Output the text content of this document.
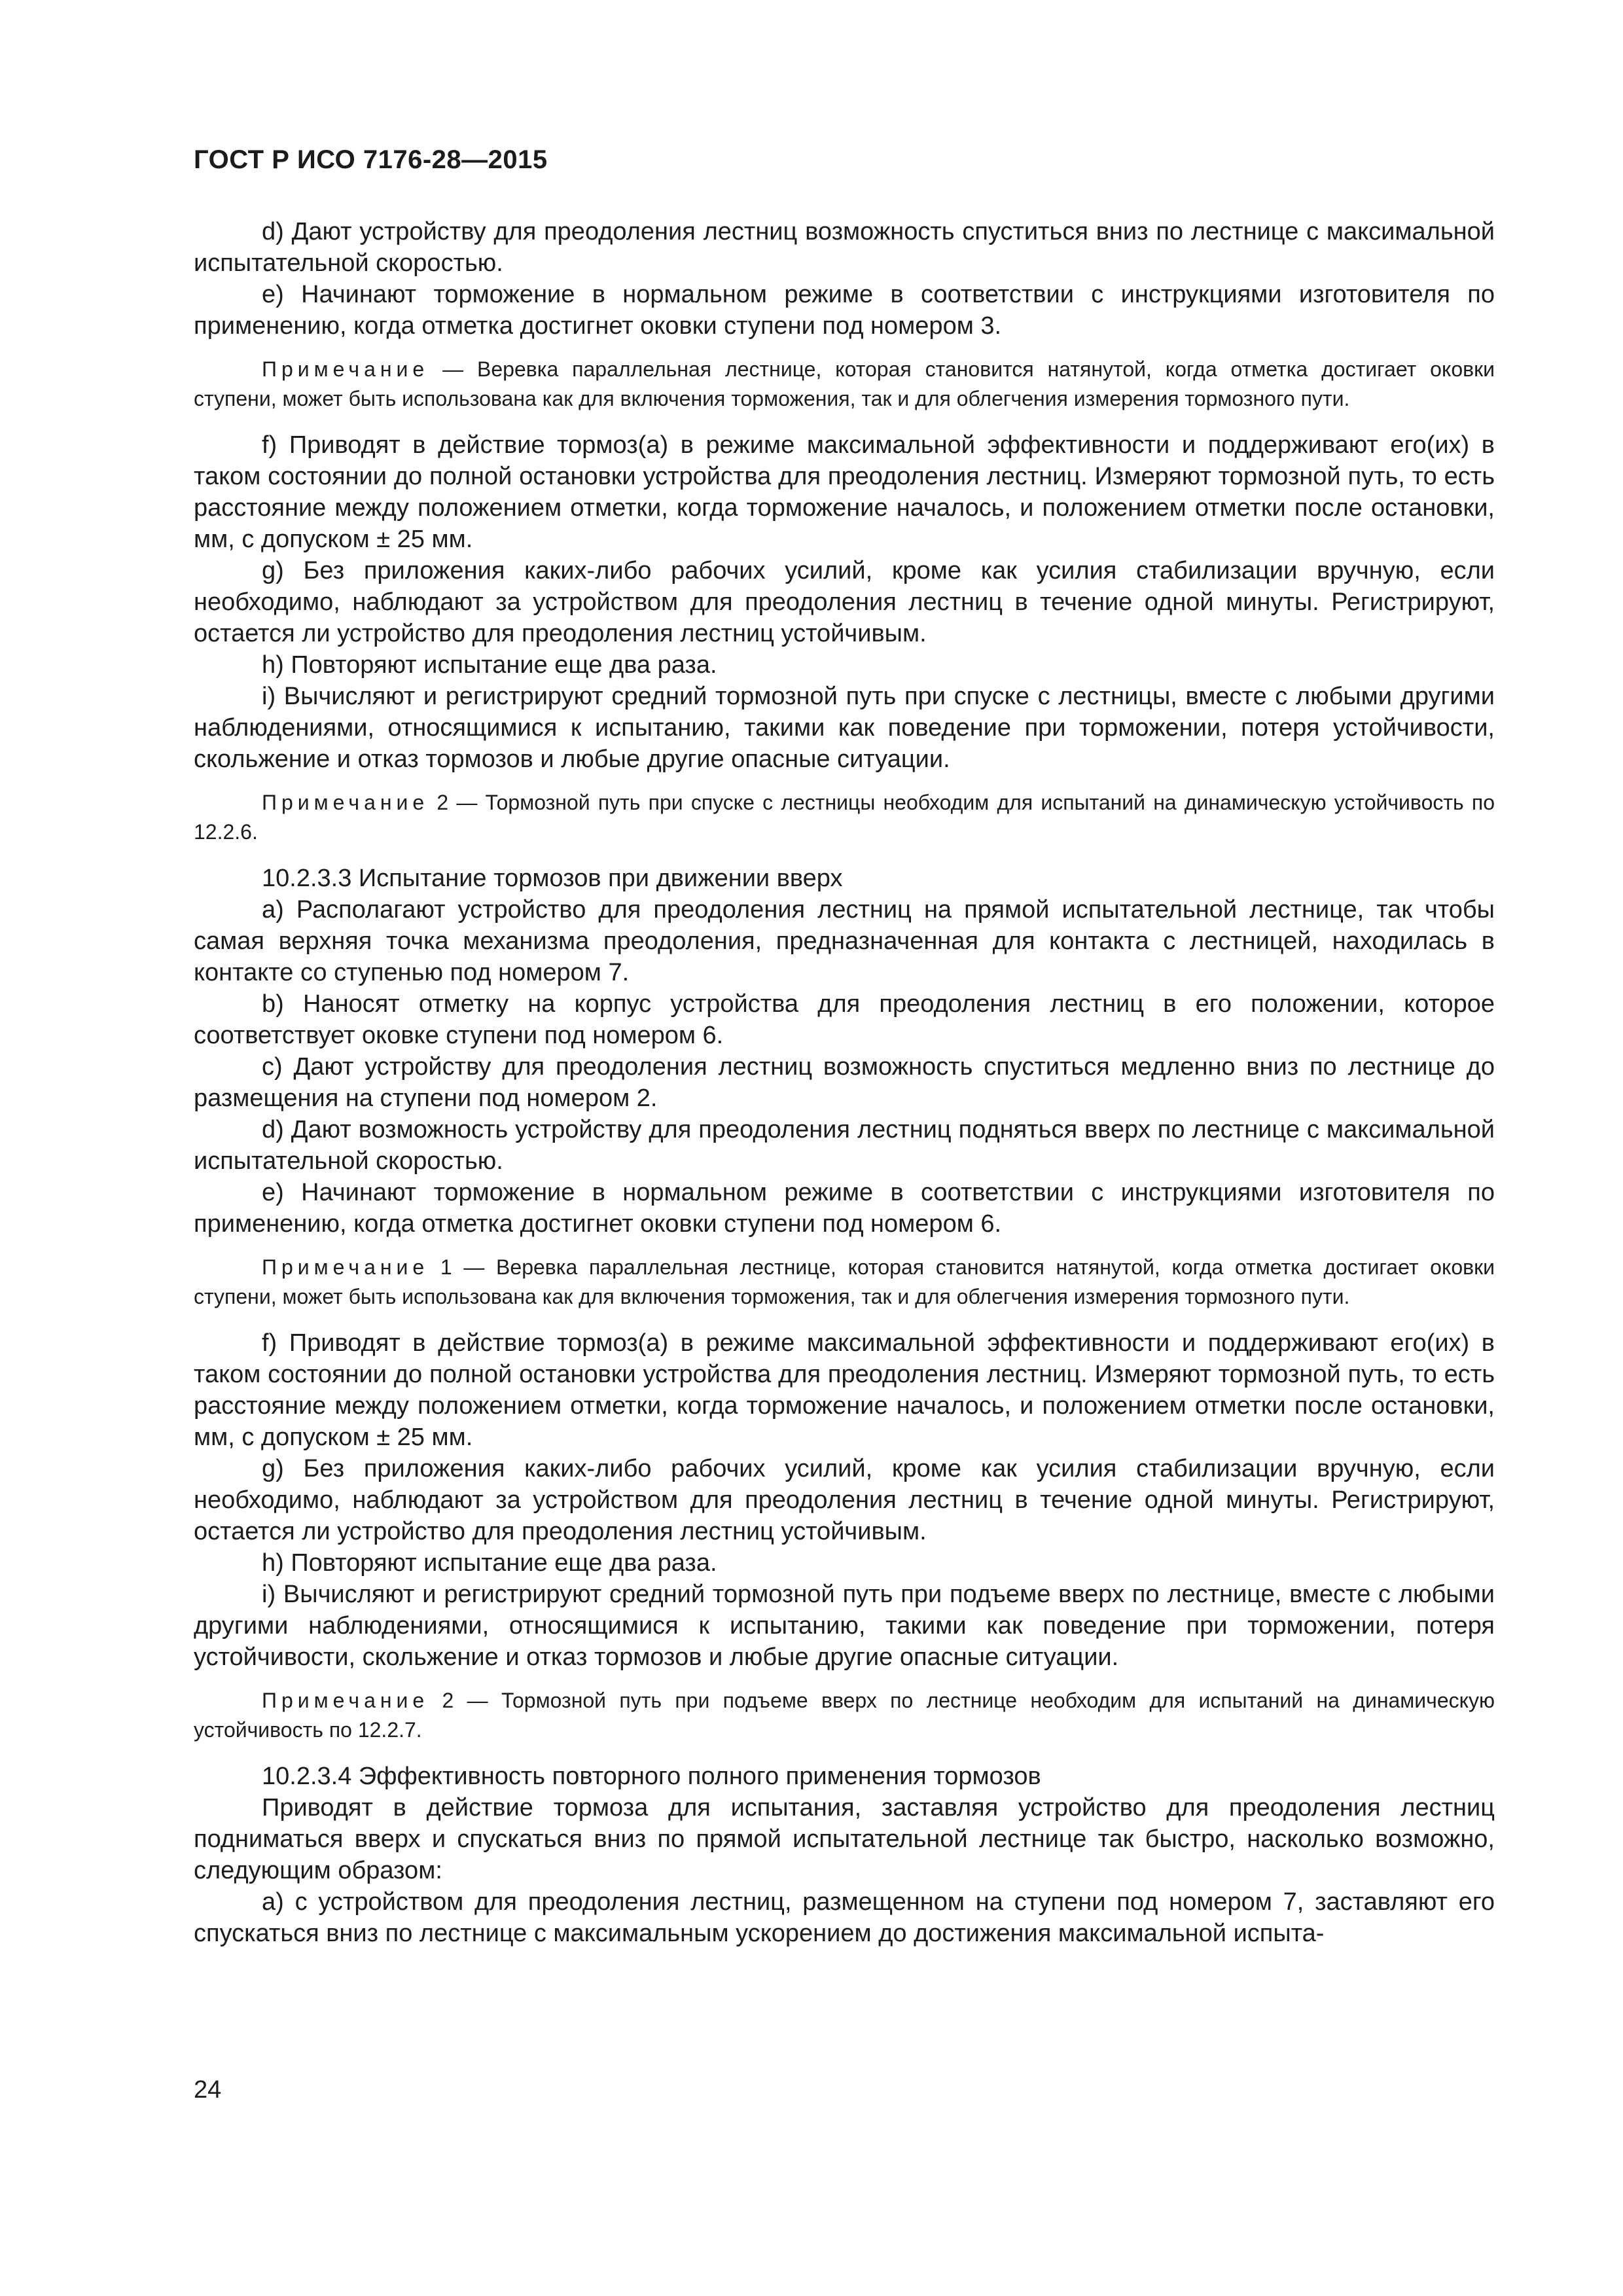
ГОСТ Р ИСО 7176-28—2015

d) Дают устройству для преодоления лестниц возможность спуститься вниз по лестнице с максимальной испытательной скоростью.

e) Начинают торможение в нормальном режиме в соответствии с инструкциями изготовителя по применению, когда отметка достигнет оковки ступени под номером 3.

Примечание — Веревка параллельная лестнице, которая становится натянутой, когда отметка достигает оковки ступени, может быть использована как для включения торможения, так и для облегчения измерения тормозного пути.

f) Приводят в действие тормоз(а) в режиме максимальной эффективности и поддерживают его(их) в таком состоянии до полной остановки устройства для преодоления лестниц. Измеряют тормозной путь, то есть расстояние между положением отметки, когда торможение началось, и положением отметки после остановки, мм, с допуском ± 25 мм.

g) Без приложения каких-либо рабочих усилий, кроме как усилия стабилизации вручную, если необходимо, наблюдают за устройством для преодоления лестниц в течение одной минуты. Регистрируют, остается ли устройство для преодоления лестниц устойчивым.

h) Повторяют испытание еще два раза.

i) Вычисляют и регистрируют средний тормозной путь при спуске с лестницы, вместе с любыми другими наблюдениями, относящимися к испытанию, такими как поведение при торможении, потеря устойчивости, скольжение и отказ тормозов и любые другие опасные ситуации.

Примечание 2 — Тормозной путь при спуске с лестницы необходим для испытаний на динамическую устойчивость по 12.2.6.

10.2.3.3 Испытание тормозов при движении вверх

a) Располагают устройство для преодоления лестниц на прямой испытательной лестнице, так чтобы самая верхняя точка механизма преодоления, предназначенная для контакта с лестницей, находилась в контакте со ступенью под номером 7.

b) Наносят отметку на корпус устройства для преодоления лестниц в его положении, которое соответствует оковке ступени под номером 6.

c) Дают устройству для преодоления лестниц возможность спуститься медленно вниз по лестнице до размещения на ступени под номером 2.

d) Дают возможность устройству для преодоления лестниц подняться вверх по лестнице с максимальной испытательной скоростью.

e) Начинают торможение в нормальном режиме в соответствии с инструкциями изготовителя по применению, когда отметка достигнет оковки ступени под номером 6.

Примечание 1 — Веревка параллельная лестнице, которая становится натянутой, когда отметка достигает оковки ступени, может быть использована как для включения торможения, так и для облегчения измерения тормозного пути.

f) Приводят в действие тормоз(а) в режиме максимальной эффективности и поддерживают его(их) в таком состоянии до полной остановки устройства для преодоления лестниц. Измеряют тормозной путь, то есть расстояние между положением отметки, когда торможение началось, и положением отметки после остановки, мм, с допуском ± 25 мм.

g) Без приложения каких-либо рабочих усилий, кроме как усилия стабилизации вручную, если необходимо, наблюдают за устройством для преодоления лестниц в течение одной минуты. Регистрируют, остается ли устройство для преодоления лестниц устойчивым.

h) Повторяют испытание еще два раза.

i) Вычисляют и регистрируют средний тормозной путь при подъеме вверх по лестнице, вместе с любыми другими наблюдениями, относящимися к испытанию, такими как поведение при торможении, потеря устойчивости, скольжение и отказ тормозов и любые другие опасные ситуации.

Примечание 2 — Тормозной путь при подъеме вверх по лестнице необходим для испытаний на динамическую устойчивость по 12.2.7.

10.2.3.4 Эффективность повторного полного применения тормозов

Приводят в действие тормоза для испытания, заставляя устройство для преодоления лестниц подниматься вверх и спускаться вниз по прямой испытательной лестнице так быстро, насколько возможно, следующим образом:

a) с устройством для преодоления лестниц, размещенном на ступени под номером 7, заставляют его спускаться вниз по лестнице с максимальным ускорением до достижения максимальной испыта-

24
